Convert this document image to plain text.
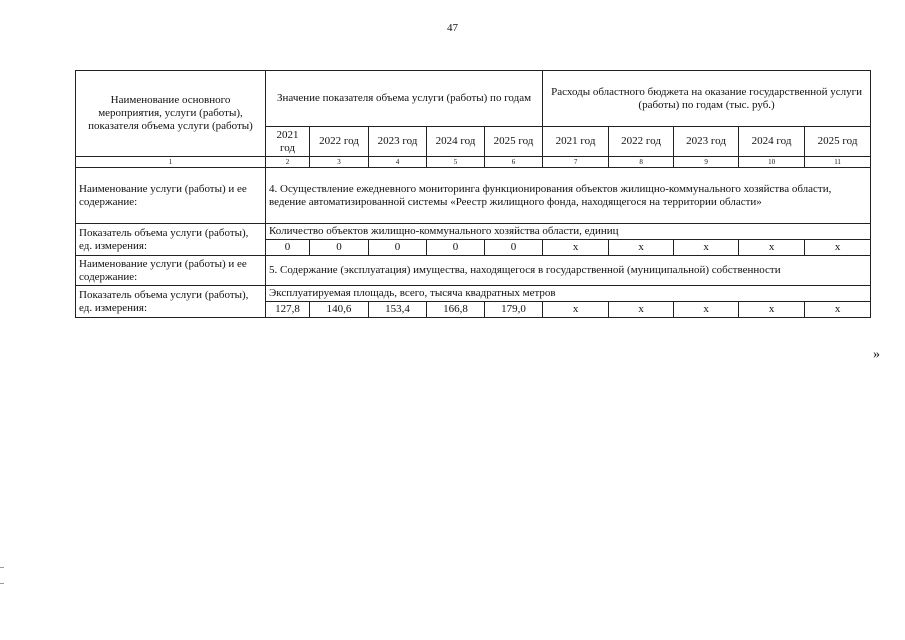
47
Наименование основного мероприятия, услуги (работы), показателя объема услуги (работы)	Значение показателя объема услуги (работы) по годам					Расходы областного бюджета на оказание государственной услуги (работы) по годам (тыс. руб.)				
	2021 год	2022 год	2023 год	2024 год	2025 год	2021 год	2022 год	2023 год	2024 год	2025 год
1	2	3	4	5	6	7	8	9	10	11
Наименование услуги (работы) и ее содержание:	4. Осуществление ежедневного мониторинга функционирования объектов жилищно-коммунального хозяйства области, ведение автоматизированной системы «Реестр жилищного фонда, находящегося на территории области»									
Показатель объема услуги (работы), ед. измерения:	Количество объектов жилищно-коммунального хозяйства области, единиц									
	0	0	0	0	0	х	х	х	х	х
Наименование услуги (работы) и ее содержание:	5. Содержание (эксплуатация) имущества, находящегося в государственной (муниципальной) собственности									
Показатель объема услуги (работы), ед. измерения:	Эксплуатируемая площадь, всего, тысяча квадратных метров									
	127,8	140,6	153,4	166,8	179,0	х	х	х	х	х
»
